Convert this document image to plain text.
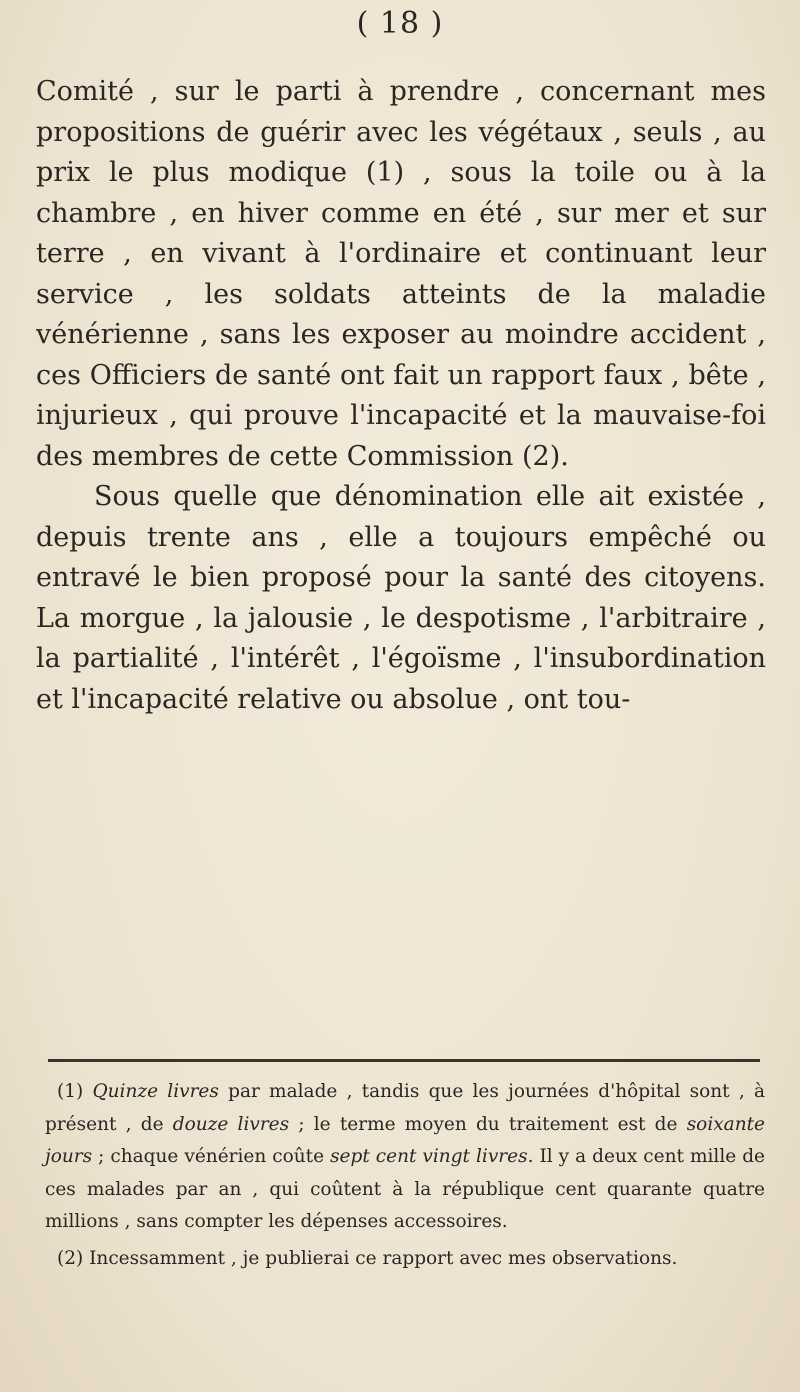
( 18 )

Comité , sur le parti à prendre , concernant mes propositions de guérir avec les végétaux , seuls , au prix le plus modique (1) , sous la toile ou à la chambre , en hiver comme en été , sur mer et sur terre , en vivant à l'ordinaire et continuant leur service , les soldats atteints de la maladie vénérienne , sans les exposer au moindre accident , ces Officiers de santé ont fait un rapport faux , bête , injurieux , qui prouve l'incapacité et la mauvaise-foi des membres de cette Commission (2).

Sous quelle que dénomination elle ait existée , depuis trente ans , elle a toujours empêché ou entravé le bien proposé pour la santé des citoyens. La morgue , la jalousie , le despotisme , l'arbitraire , la partialité , l'intérêt , l'égoïsme , l'insubordination et l'incapacité relative ou absolue , ont tou-

(1) Quinze livres par malade , tandis que les journées d'hôpital sont , à présent , de douze livres ; le terme moyen du traitement est de soixante jours ; chaque vénérien coûte sept cent vingt livres. Il y a deux cent mille de ces malades par an , qui coûtent à la république cent quarante quatre millions , sans compter les dépenses accessoires.

(2) Incessamment , je publierai ce rapport avec mes observations.
